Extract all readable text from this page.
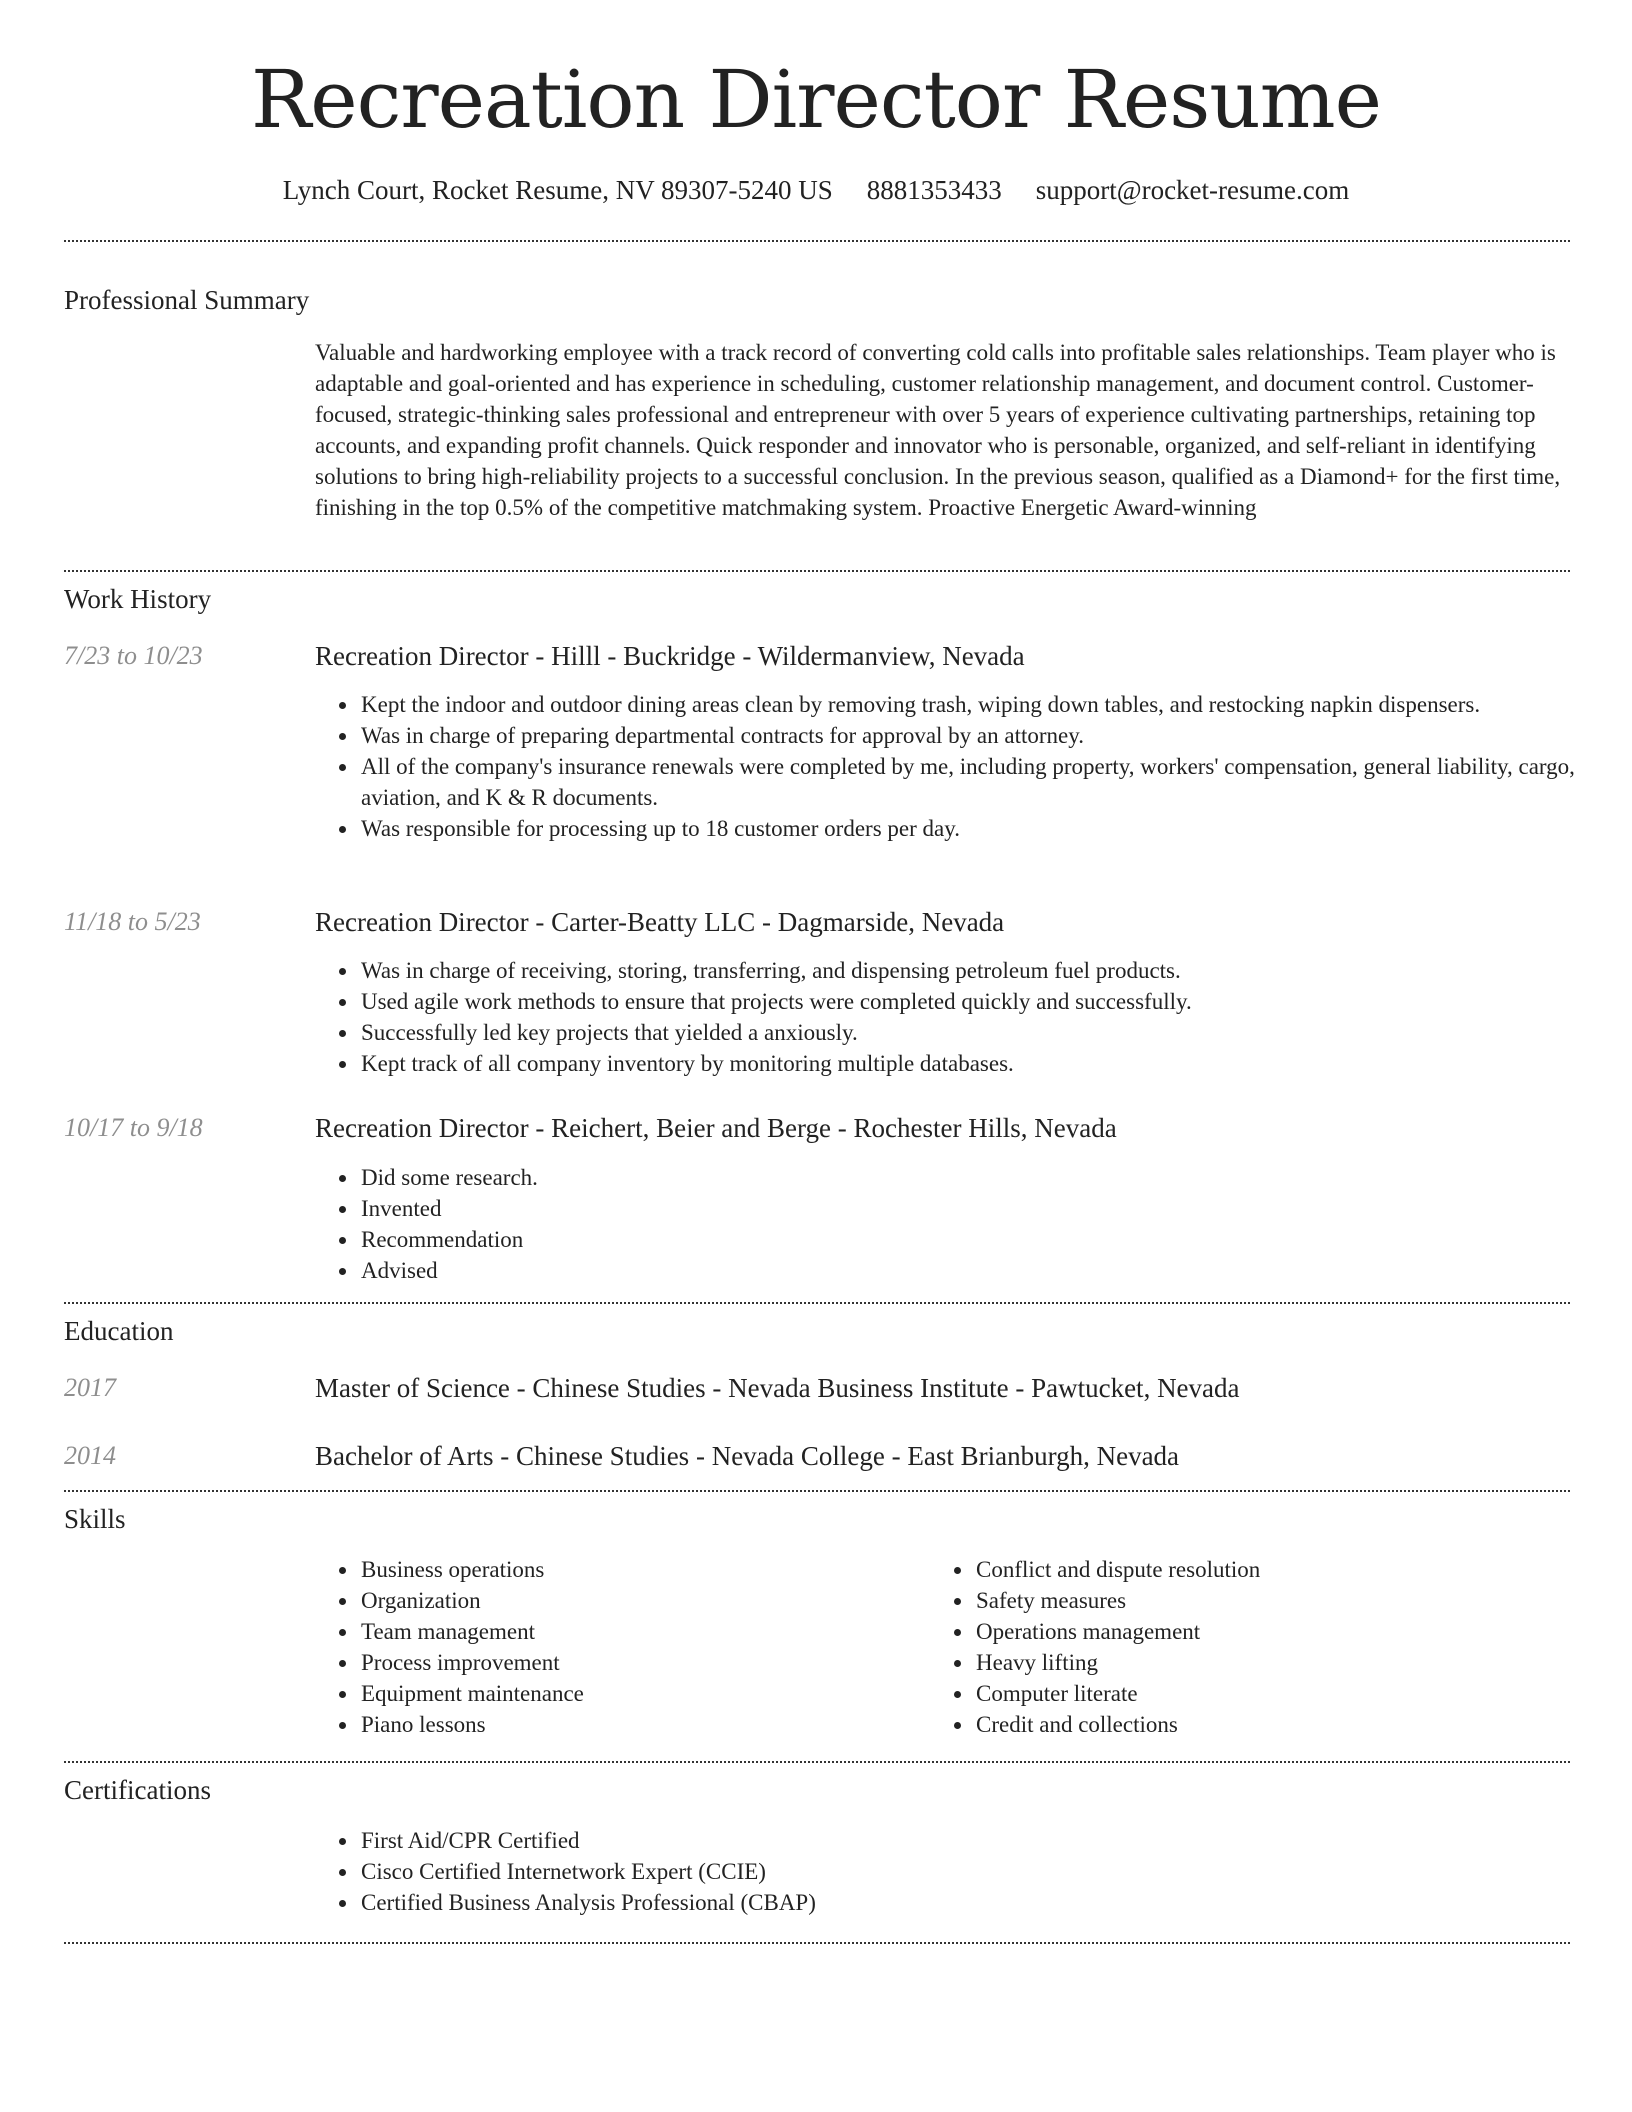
Recreation Director Resume
Lynch Court, Rocket Resume, NV 89307-5240 US 8881353433 support@rocket-resume.com
Professional Summary
Valuable and hardworking employee with a track record of converting cold calls into profitable sales relationships. Team player who is adaptable and goal-oriented and has experience in scheduling, customer relationship management, and document control. Customer-focused, strategic-thinking sales professional and entrepreneur with over 5 years of experience cultivating partnerships, retaining top accounts, and expanding profit channels. Quick responder and innovator who is personable, organized, and self-reliant in identifying solutions to bring high-reliability projects to a successful conclusion. In the previous season, qualified as a Diamond+ for the first time, finishing in the top 0.5% of the competitive matchmaking system. Proactive Energetic Award-winning
Work History
7/23 to 10/23	Recreation Director - Hilll - Buckridge - Wildermanview, Nevada
• Kept the indoor and outdoor dining areas clean by removing trash, wiping down tables, and restocking napkin dispensers.
• Was in charge of preparing departmental contracts for approval by an attorney.
• All of the company's insurance renewals were completed by me, including property, workers' compensation, general liability, cargo, aviation, and K & R documents.
• Was responsible for processing up to 18 customer orders per day.
11/18 to 5/23	Recreation Director - Carter-Beatty LLC - Dagmarside, Nevada
• Was in charge of receiving, storing, transferring, and dispensing petroleum fuel products.
• Used agile work methods to ensure that projects were completed quickly and successfully.
• Successfully led key projects that yielded a anxiously.
• Kept track of all company inventory by monitoring multiple databases.
10/17 to 9/18	Recreation Director - Reichert, Beier and Berge - Rochester Hills, Nevada
• Did some research.
• Invented
• Recommendation
• Advised
Education
2017	Master of Science - Chinese Studies - Nevada Business Institute - Pawtucket, Nevada
2014	Bachelor of Arts - Chinese Studies - Nevada College - East Brianburgh, Nevada
Skills
• Business operations
• Organization
• Team management
• Process improvement
• Equipment maintenance
• Piano lessons
• Conflict and dispute resolution
• Safety measures
• Operations management
• Heavy lifting
• Computer literate
• Credit and collections
Certifications
• First Aid/CPR Certified
• Cisco Certified Internetwork Expert (CCIE)
• Certified Business Analysis Professional (CBAP)
